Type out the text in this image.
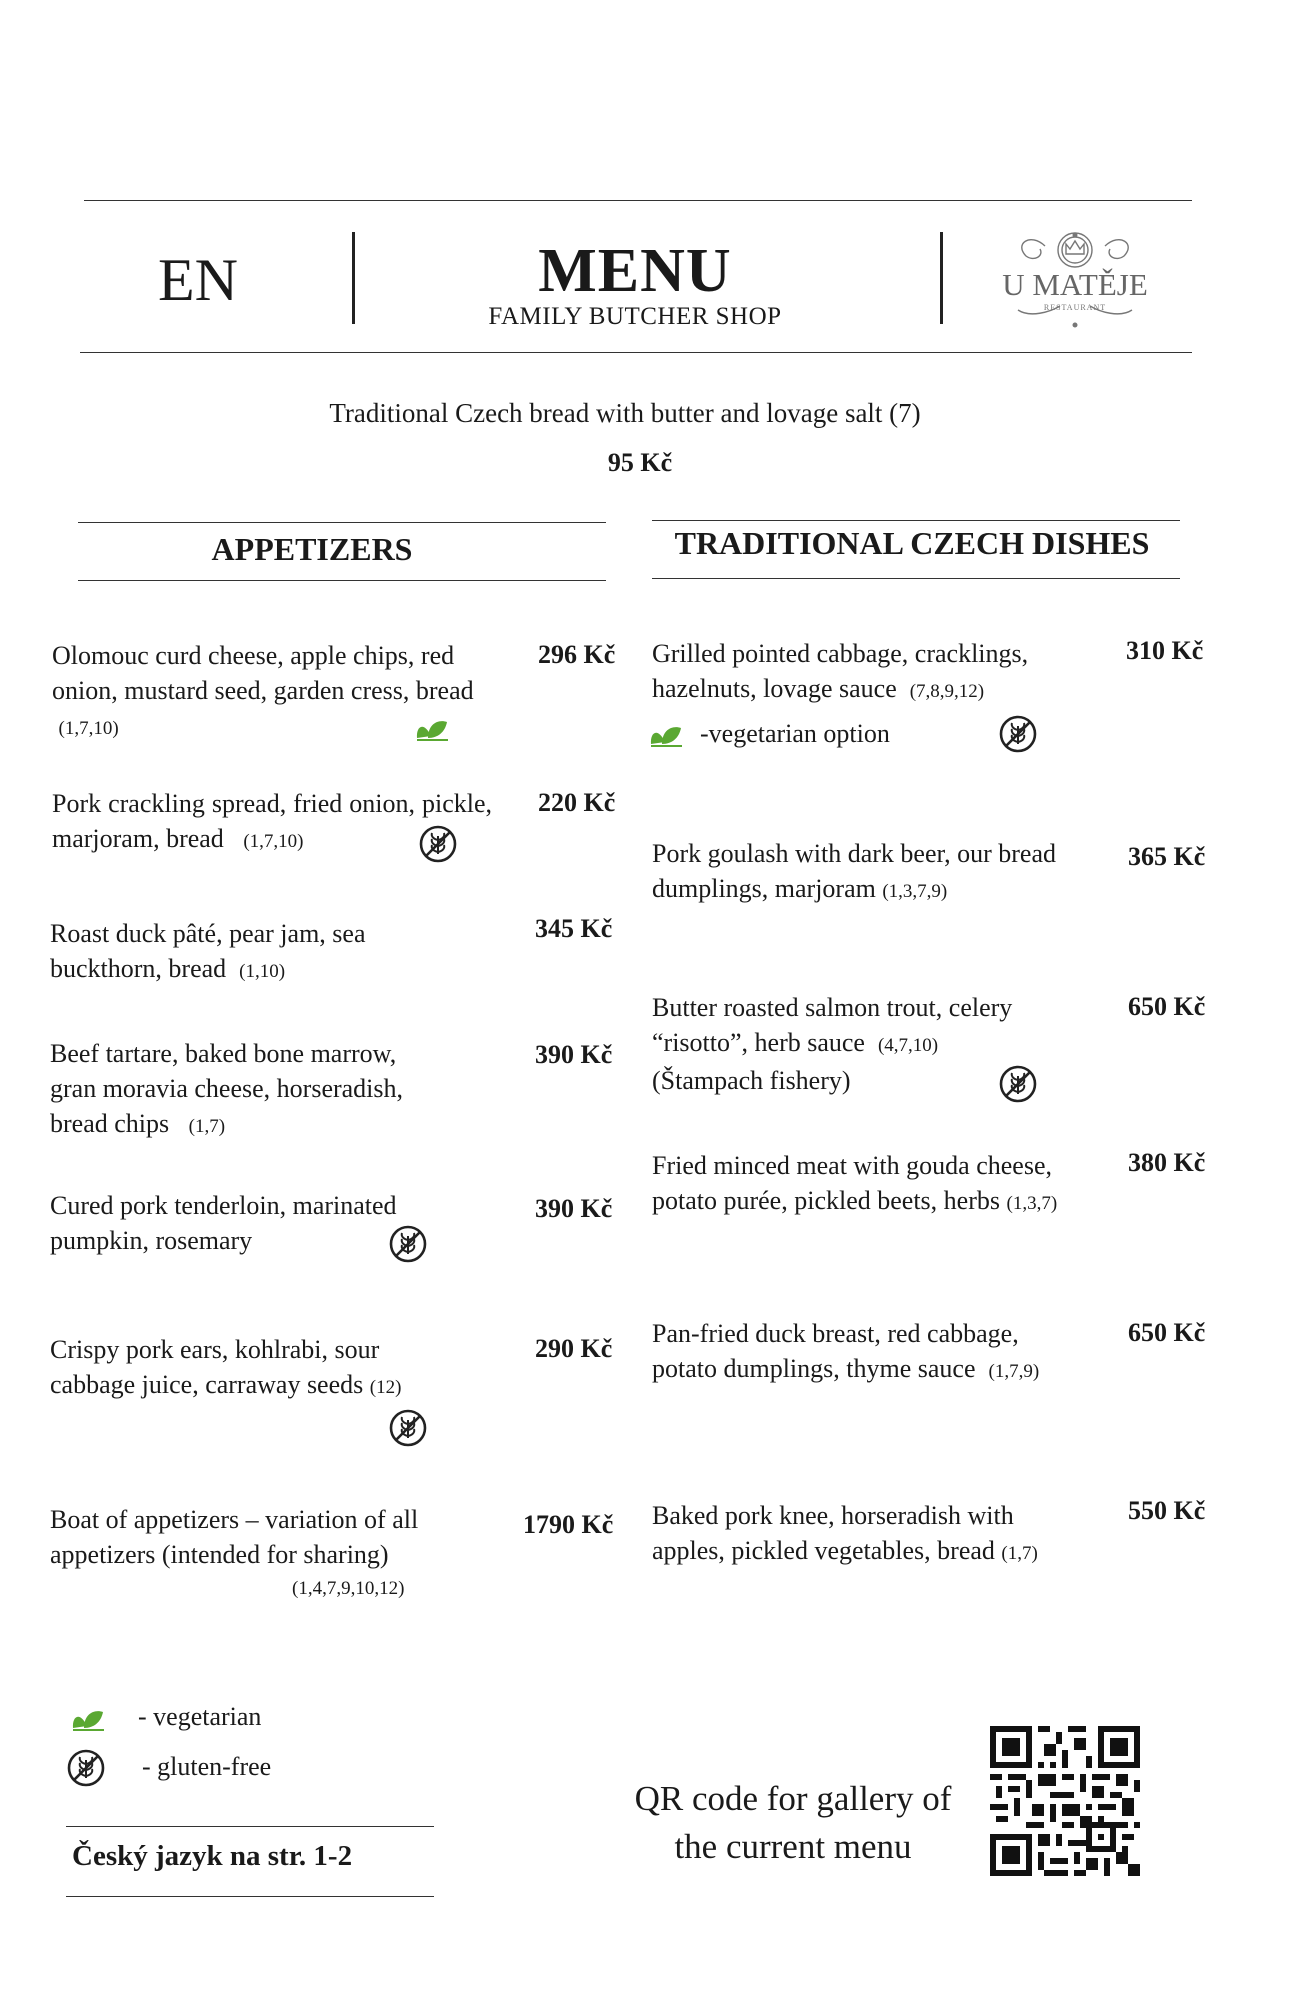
EN	MENU
FAMILY BUTCHER SHOP
U MATĚJE
RESTAURANT
Traditional Czech bread with butter and lovage salt (7)
95 Kč
APPETIZERS	TRADITIONAL CZECH DISHES
Olomouc curd cheese, apple chips, red onion, mustard seed, garden cress, bread  (1,7,10)
296 Kč
Pork crackling spread, fried onion, pickle, marjoram, bread (1,7,10)
220 Kč
Roast duck pâté, pear jam, sea buckthorn, bread (1,10)
345 Kč
Beef tartare, baked bone marrow, gran moravia cheese, horseradish, bread chips (1,7)
390 Kč
Cured pork tenderloin, marinated pumpkin, rosemary
390 Kč
Crispy pork ears, kohlrabi, sour cabbage juice, carraway seeds (12)
290 Kč
Boat of appetizers – variation of all appetizers (intended for sharing)
(1,4,7,9,10,12)
1790 Kč
Grilled pointed cabbage, cracklings, hazelnuts, lovage sauce (7,8,9,12)
-vegetarian option
310 Kč
Pork goulash with dark beer, our bread dumplings, marjoram (1,3,7,9)
365 Kč
Butter roasted salmon trout, celery “risotto”, herb sauce (4,7,10)
(Štampach fishery)
650 Kč
Fried minced meat with gouda cheese, potato purée, pickled beets, herbs (1,3,7)
380 Kč
Pan-fried duck breast, red cabbage, potato dumplings, thyme sauce (1,7,9)
650 Kč
Baked pork knee, horseradish with apples, pickled vegetables, bread (1,7)
550 Kč
- vegetarian
- gluten-free
Český jazyk na str. 1-2
QR code for gallery of the current menu
